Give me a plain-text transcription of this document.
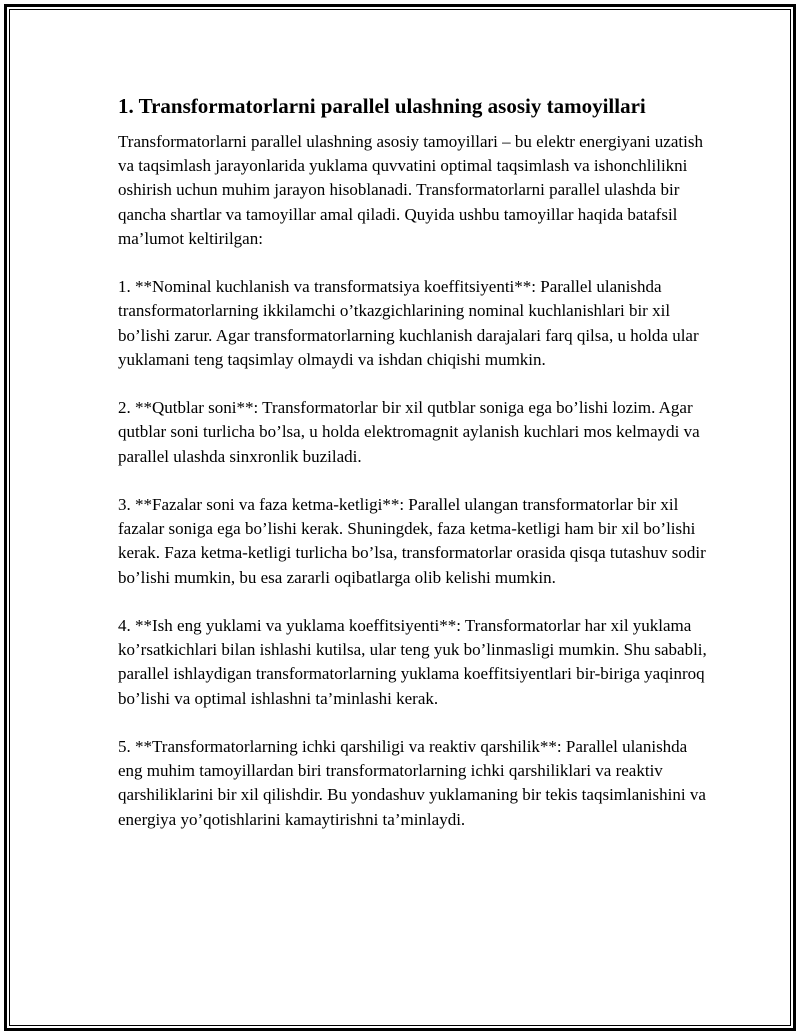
1. Transformatorlarni parallel ulashning asosiy tamoyillari

Transformatorlarni parallel ulashning asosiy tamoyillari – bu elektr energiyani uzatish va taqsimlash jarayonlarida yuklama quvvatini optimal taqsimlash va ishonchlilikni oshirish uchun muhim jarayon hisoblanadi. Transformatorlarni parallel ulashda bir qancha shartlar va tamoyillar amal qiladi. Quyida ushbu tamoyillar haqida batafsil ma’lumot keltirilgan:

1. **Nominal kuchlanish va transformatsiya koeffitsiyenti**: Parallel ulanishda transformatorlarning ikkilamchi o’tkazgichlarining nominal kuchlanishlari bir xil bo’lishi zarur. Agar transformatorlarning kuchlanish darajalari farq qilsa, u holda ular yuklamani teng taqsimlay olmaydi va ishdan chiqishi mumkin.

2. **Qutblar soni**: Transformatorlar bir xil qutblar soniga ega bo’lishi lozim. Agar qutblar soni turlicha bo’lsa, u holda elektromagnit aylanish kuchlari mos kelmaydi va parallel ulashda sinxronlik buziladi.

3. **Fazalar soni va faza ketma-ketligi**: Parallel ulangan transformatorlar bir xil fazalar soniga ega bo’lishi kerak. Shuningdek, faza ketma-ketligi ham bir xil bo’lishi kerak. Faza ketma-ketligi turlicha bo’lsa, transformatorlar orasida qisqa tutashuv sodir bo’lishi mumkin, bu esa zararli oqibatlarga olib kelishi mumkin.

4. **Ish eng yuklami va yuklama koeffitsiyenti**: Transformatorlar har xil yuklama ko’rsatkichlari bilan ishlashi kutilsa, ular teng yuk bo’linmasligi mumkin. Shu sababli, parallel ishlaydigan transformatorlarning yuklama koeffitsiyentlari bir-biriga yaqinroq bo’lishi va optimal ishlashni ta’minlashi kerak.

5. **Transformatorlarning ichki qarshiligi va reaktiv qarshilik**: Parallel ulanishda eng muhim tamoyillardan biri transformatorlarning ichki qarshiliklari va reaktiv qarshiliklarini bir xil qilishdir. Bu yondashuv yuklamaning bir tekis taqsimlanishini va energiya yo’qotishlarini kamaytirishni ta’minlaydi.
